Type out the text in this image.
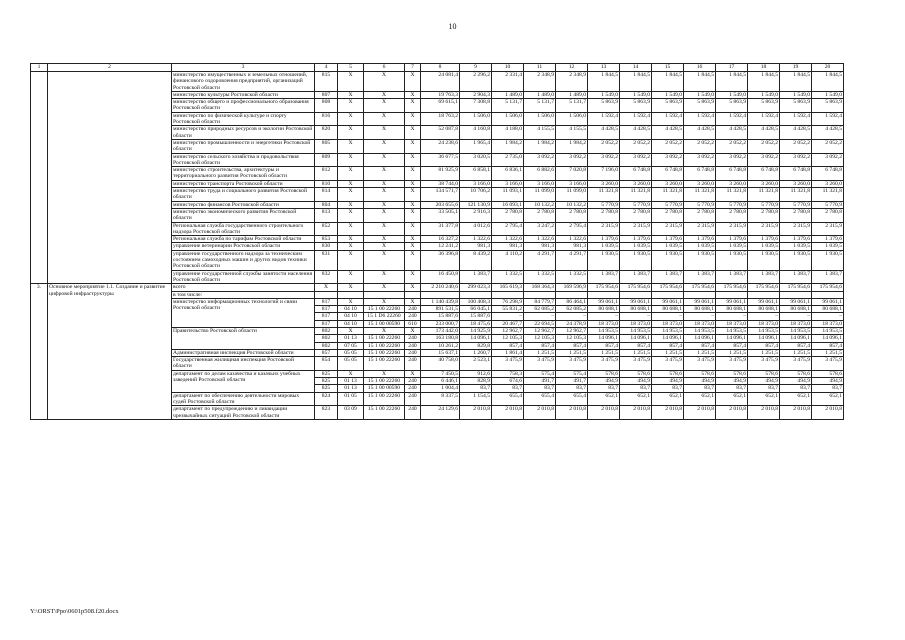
10
1	2	3	4	5	6	7	8	9	10	11	12	13	14	15	16	17	18	19	20
		министерство имущественных и земельных отношений, финансового оздоровления предприятий, организаций Ростовской области	815	X	X	X	24 081,4	2 296,2	2 331,4	2 348,9	2 348,9	1 844,5	1 844,5	1 844,5	1 844,5	1 844,5	1 844,5	1 844,5	1 844,5
		министерство культуры Ростовской области	807	X	X	X	19 763,3	2 904,3	1 489,0	1 489,0	1 489,0	1 549,0	1 549,0	1 549,0	1 549,0	1 549,0	1 549,0	1 549,0	1 549,0
		министерство общего и профессионального образования Ростовской области	808	X	X	X	69 615,1	7 308,8	5 131,7	5 131,7	5 131,7	5 863,9	5 863,9	5 863,9	5 863,9	5 863,9	5 863,9	5 863,9	5 863,9
		министерство по физической культуре и спорту Ростовской области	816	X	X	X	18 763,2	1 506,0	1 506,0	1 506,0	1 506,0	1 592,4	1 592,4	1 592,4	1 592,4	1 592,4	1 592,4	1 592,4	1 592,4
		министерство природных ресурсов и экологии Ростовской области	820	X	X	X	52 087,8	4 160,8	4 188,0	4 155,5	4 155,5	4 428,5	4 428,5	4 428,5	4 428,5	4 428,5	4 428,5	4 428,5	4 428,5
		министерство промышленности и энергетики Ростовской области	805	X	X	X	24 238,6	1 965,4	1 984,2	1 984,2	1 984,2	2 052,2	2 052,2	2 052,2	2 052,2	2 052,2	2 052,2	2 052,2	2 052,2
		министерство сельского хозяйства и продовольствия Ростовской области	809	X	X	X	36 677,5	3 020,5	2 735,0	3 092,2	3 092,2	3 092,2	3 092,2	3 092,2	3 092,2	3 092,2	3 092,2	3 092,2	3 092,2
		министерство строительства, архитектуры и территориального развития Ростовской области	812	X	X	X	81 925,9	6 858,1	6 836,1	6 882,6	7 020,8	7 196,0	6 748,8	6 748,8	6 748,8	6 748,8	6 748,8	6 748,8	6 748,8
		министерство транспорта Ростовской области	810	X	X	X	38 744,0	3 166,0	3 166,0	3 166,0	3 166,0	3 260,0	3 260,0	3 260,0	3 260,0	3 260,0	3 260,0	3 260,0	3 260,0
		министерство труда и социального развития Ростовской области	814	X	X	X	134 571,7	10 706,2	11 093,1	11 099,0	11 099,0	11 321,8	11 321,8	11 321,8	11 321,8	11 321,8	11 321,8	11 321,8	11 321,8
		министерство финансов Ростовской области	804	X	X	X	203 655,6	121 130,9	16 093,1	10 132,2	10 132,2	5 770,9	5 770,9	5 770,9	5 770,9	5 770,9	5 770,9	5 770,9	5 770,9
		министерство экономического развития Ростовской области	813	X	X	X	33 505,1	2 916,3	2 780,8	2 780,8	2 780,8	2 780,8	2 780,8	2 780,8	2 780,8	2 780,8	2 780,8	2 780,8	2 780,8
		Региональная служба государственного строительного надзора Ростовской области	852	X	X	X	31 377,8	4 012,6	2 795,4	3 247,2	2 795,4	2 315,9	2 315,9	2 315,9	2 315,9	2 315,9	2 315,9	2 315,9	2 315,9
		Региональная служба по тарифам Ростовской области	853	X	X	X	16 327,2	1 322,6	1 322,6	1 322,6	1 322,6	1 379,6	1 379,6	1 379,6	1 379,6	1 379,6	1 379,6	1 379,6	1 379,6
		управление ветеринарии Ростовской области	830	X	X	X	12 241,2	981,3	981,3	981,3	981,3	1 039,5	1 039,5	1 039,5	1 039,5	1 039,5	1 039,5	1 039,5	1 039,5
		управление государственного надзора за техническим состоянием самоходных машин и других видов техники Ростовской области	831	X	X	X	36 396,8	8 439,2	4 110,2	4 291,7	4 291,7	1 930,5	1 930,5	1 930,5	1 930,5	1 930,5	1 930,5	1 930,5	1 930,5
		управление государственной службы занятости населения Ростовской области	832	X	X	X	16 450,8	1 383,7	1 332,5	1 332,5	1 332,5	1 383,7	1 383,7	1 383,7	1 383,7	1 383,7	1 383,7	1 383,7	1 383,7
3.	Основное мероприятие 1.1. Создание и развитие цифровой инфраструктуры	всего	X	X	X	X	2 210 240,6	299 023,3	165 619,3	168 364,3	169 596,9	175 954,6	175 954,6	175 954,6	175 954,6	175 954,6	175 954,6	175 954,6	175 954,6
		в том числе:																	
		министерство информационных технологий и связи Ростовской области	817	X	X	X	1 140 439,8	100 408,3	76 298,9	84 779,7	86 464,1	99 061,1	99 061,1	99 061,1	99 061,1	99 061,1	99 061,1	99 061,1	99 061,1
			817	04 10	15 1 00 22260	240	891 531,5	66 045,1	55 831,2	62 085,2	62 085,2	80 688,1	80 688,1	80 688,1	80 688,1	80 688,1	80 688,1	80 688,1	80 688,1
			817	04 10	15 1 D6 22260	240	15 887,6	15 887,6	–	–	–	–	–	–	–	–	–	–	–
			817	04 10	15 1 00 00590	610	233 000,7	18 475,6	20 467,7	22 694,5	24 378,9	18 373,0	18 373,0	18 373,0	18 373,0	18 373,0	18 373,0	18 373,0	18 373,0
		Правительство Ростовской области	802	X	X	X	173 442,0	14 925,9	12 962,7	12 962,7	12 962,7	14 953,5	14 953,5	14 953,5	14 953,5	14 953,5	14 953,5	14 953,5	14 953,5
			802	01 13	15 1 00 22260	240	163 180,8	14 096,1	12 105,3	12 105,3	12 105,3	14 096,1	14 096,1	14 096,1	14 096,1	14 096,1	14 096,1	14 096,1	14 096,1
			802	07 05	15 1 00 22260	240	10 261,2	829,8	857,4	857,4	857,4	857,4	857,4	857,4	857,4	857,4	857,4	857,4	857,4
		Административная инспекция Ростовской области	857	05 05	15 1 00 22260	240	15 637,1	1 260,7	1 861,4	1 251,5	1 251,5	1 251,5	1 251,5	1 251,5	1 251,5	1 251,5	1 251,5	1 251,5	1 251,5
		Государственная жилищная инспекция Ростовской области	854	05 05	15 1 00 22260	240	40 758,0	2 523,1	3 475,9	3 475,9	3 475,9	3 475,9	3 475,9	3 475,9	3 475,9	3 475,9	3 475,9	3 475,9	3 475,9
		департамент по делам казачества и казачьих учебных заведений Ростовской области	825	X	X	X	7 450,5	912,6	758,3	575,4	575,4	578,6	578,6	578,6	578,6	578,6	578,6	578,6	578,6
			825	01 13	15 1 00 22260	240	6 446,1	828,9	674,6	491,7	491,7	494,9	494,9	494,9	494,9	494,9	494,9	494,9	494,9
			825	01 13	15 1 00 00590	240	1 004,4	83,7	83,7	83,7	83,7	83,7	83,7	83,7	83,7	83,7	83,7	83,7	83,7
		департамент по обеспечению деятельности мировых судей Ростовской области	824	01 05	15 1 00 22260	240	8 337,5	1 154,5	655,4	655,4	655,4	652,1	652,1	652,1	652,1	652,1	652,1	652,1	652,1
		департамент по предупреждению и ликвидации чрезвычайных ситуаций Ростовской области	823	03 09	15 1 00 22260	240	24 129,6	2 010,8	2 010,8	2 010,8	2 010,8	2 010,8	2 010,8	2 010,8	2 010,8	2 010,8	2 010,8	2 010,8	2 010,8
Y:\ORST\Ppo\0601p508.f20.docx
